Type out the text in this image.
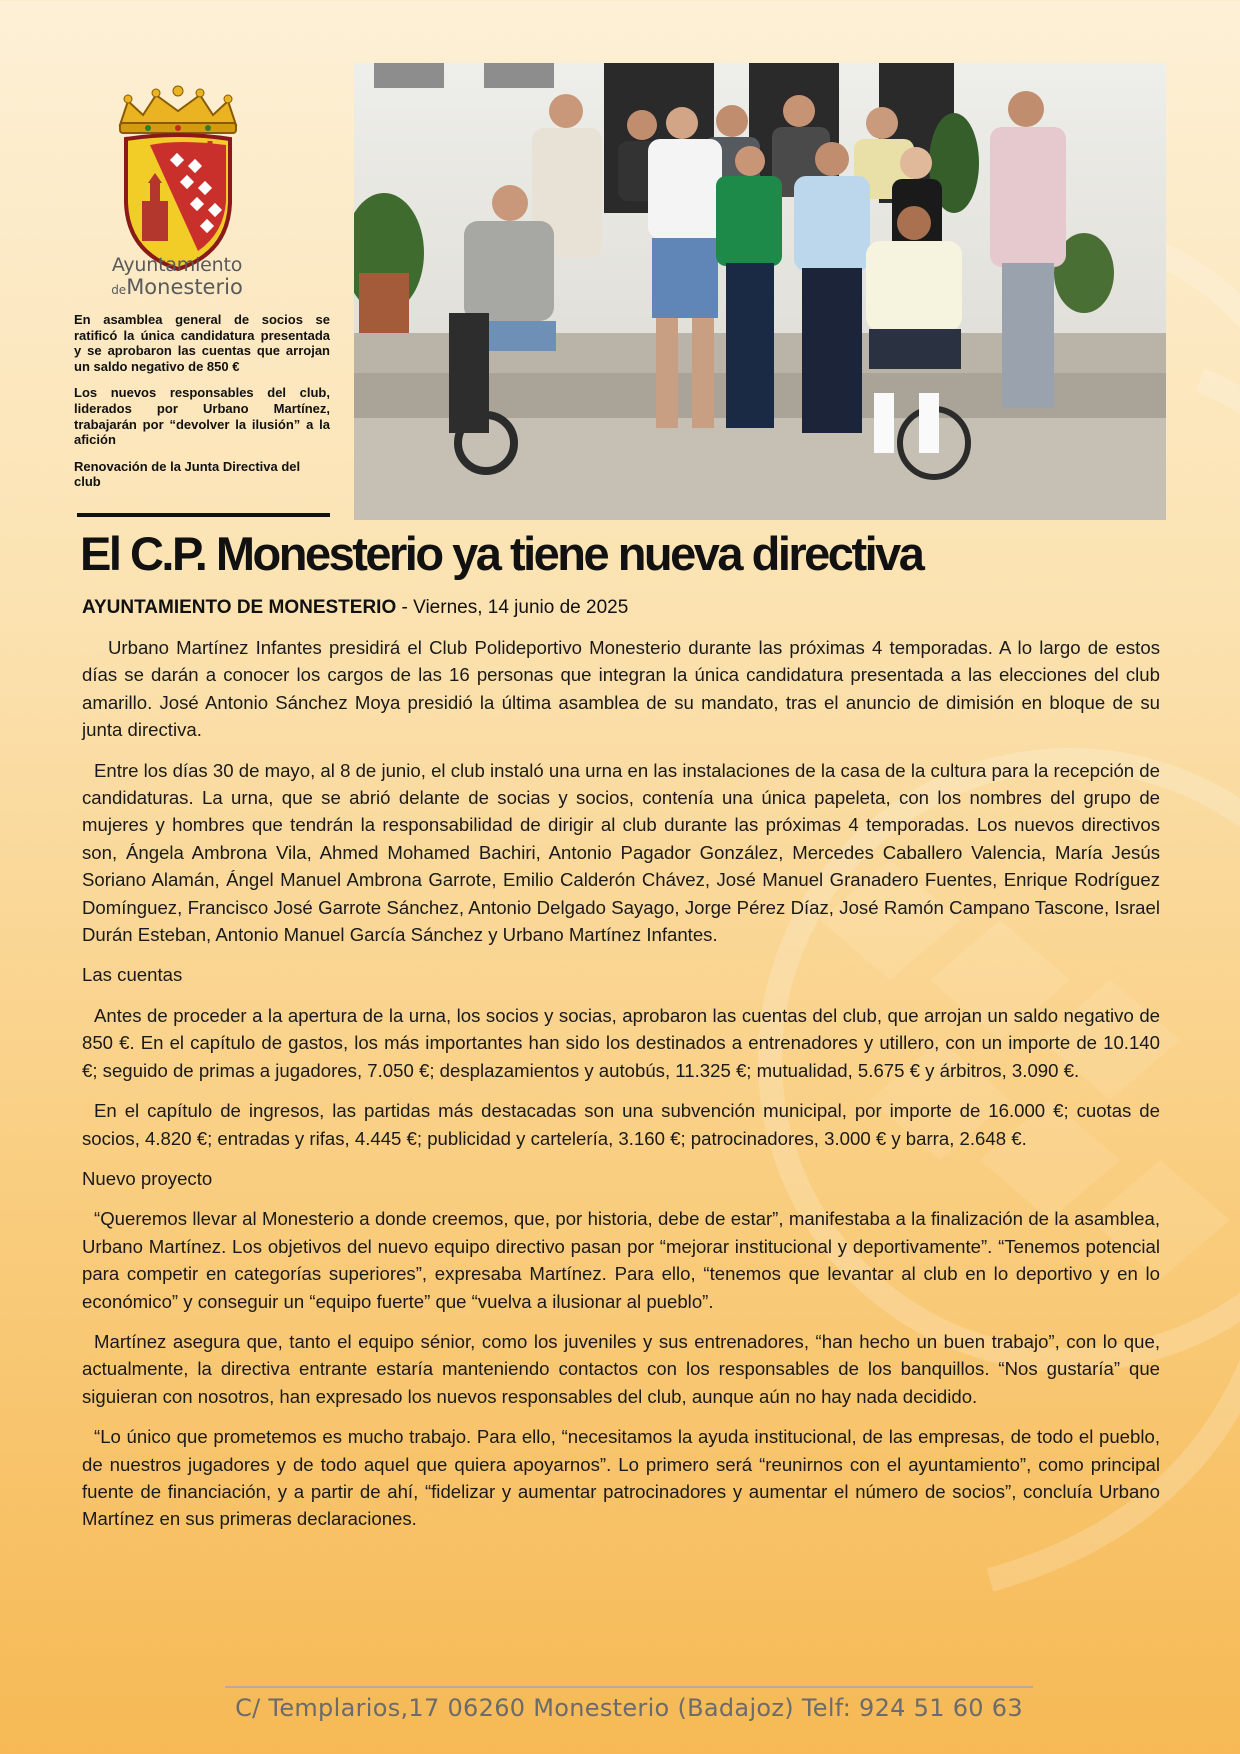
Ayuntamiento
deMonesterio

En asamblea general de socios se ratificó la única candidatura presentada y se aprobaron las cuentas que arrojan un saldo negativo de 850 €

Los nuevos responsables del club, liderados por Urbano Martínez, trabajarán por “devolver la ilusión” a la afición

Renovación de la Junta Directiva del club

El C.P. Monesterio ya tiene nueva directiva
AYUNTAMIENTO DE MONESTERIO - Viernes, 14 junio de 2025

Urbano Martínez Infantes presidirá el Club Polideportivo Monesterio durante las próximas 4 temporadas. A lo largo de estos días se darán a conocer los cargos de las 16 personas que integran la única candidatura presentada a las elecciones del club amarillo. José Antonio Sánchez Moya presidió la última asamblea de su mandato, tras el anuncio de dimisión en bloque de su junta directiva.

Entre los días 30 de mayo, al 8 de junio, el club instaló una urna en las instalaciones de la casa de la cultura para la recepción de candidaturas. La urna, que se abrió delante de socias y socios, contenía una única papeleta, con los nombres del grupo de mujeres y hombres que tendrán la responsabilidad de dirigir al club durante las próximas 4 temporadas. Los nuevos directivos son, Ángela Ambrona Vila, Ahmed Mohamed Bachiri, Antonio Pagador González, Mercedes Caballero Valencia, María Jesús Soriano Alamán, Ángel Manuel Ambrona Garrote, Emilio Calderón Chávez, José Manuel Granadero Fuentes, Enrique Rodríguez Domínguez, Francisco José Garrote Sánchez, Antonio Delgado Sayago, Jorge Pérez Díaz, José Ramón Campano Tascone, Israel Durán Esteban, Antonio Manuel García Sánchez y Urbano Martínez Infantes.

Las cuentas

Antes de proceder a la apertura de la urna, los socios y socias, aprobaron las cuentas del club, que arrojan un saldo negativo de 850 €. En el capítulo de gastos, los más importantes han sido los destinados a entrenadores y utillero, con un importe de 10.140 €; seguido de primas a jugadores, 7.050 €; desplazamientos y autobús, 11.325 €; mutualidad, 5.675 € y árbitros, 3.090 €.

En el capítulo de ingresos, las partidas más destacadas son una subvención municipal, por importe de 16.000 €; cuotas de socios, 4.820 €; entradas y rifas, 4.445 €; publicidad y cartelería, 3.160 €; patrocinadores, 3.000 € y barra, 2.648 €.

Nuevo proyecto

“Queremos llevar al Monesterio a donde creemos, que, por historia, debe de estar”, manifestaba a la finalización de la asamblea, Urbano Martínez. Los objetivos del nuevo equipo directivo pasan por “mejorar institucional y deportivamente”. “Tenemos potencial para competir en categorías superiores”, expresaba Martínez. Para ello, “tenemos que levantar al club en lo deportivo y en lo económico” y conseguir un “equipo fuerte” que “vuelva a ilusionar al pueblo”.

Martínez asegura que, tanto el equipo sénior, como los juveniles y sus entrenadores, “han hecho un buen trabajo”, con lo que, actualmente, la directiva entrante estaría manteniendo contactos con los responsables de los banquillos. “Nos gustaría” que siguieran con nosotros, han expresado los nuevos responsables del club, aunque aún no hay nada decidido.

“Lo único que prometemos es mucho trabajo. Para ello, “necesitamos la ayuda institucional, de las empresas, de todo el pueblo, de nuestros jugadores y de todo aquel que quiera apoyarnos”. Lo primero será “reunirnos con el ayuntamiento”, como principal fuente de financiación, y a partir de ahí, “fidelizar y aumentar patrocinadores y aumentar el número de socios”, concluía Urbano Martínez en sus primeras declaraciones.

C/ Templarios,17 06260 Monesterio (Badajoz) Telf: 924 51 60 63
